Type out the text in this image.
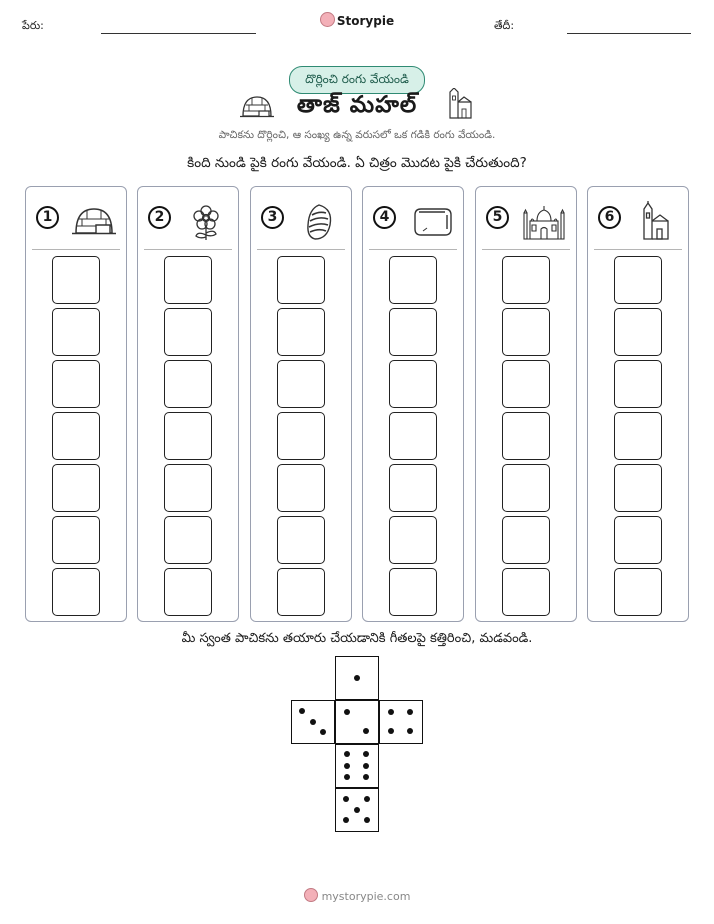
పేరు:	Storypie	తేదీ:
దొర్లించి రంగు వేయండి
తాజ్ మహల్
పాచికను దొర్లించి, ఆ సంఖ్య ఉన్న వరుసలో ఒక గడికి రంగు వేయండి.
కింది నుండి పైకి రంగు వేయండి. ఏ చిత్రం మొదట పైకి చేరుతుంది?
1	2	3	4	5	6
మీ స్వంత పాచికను తయారు చేయడానికి గీతలపై కత్తిరించి, మడవండి.
mystorypie.com
